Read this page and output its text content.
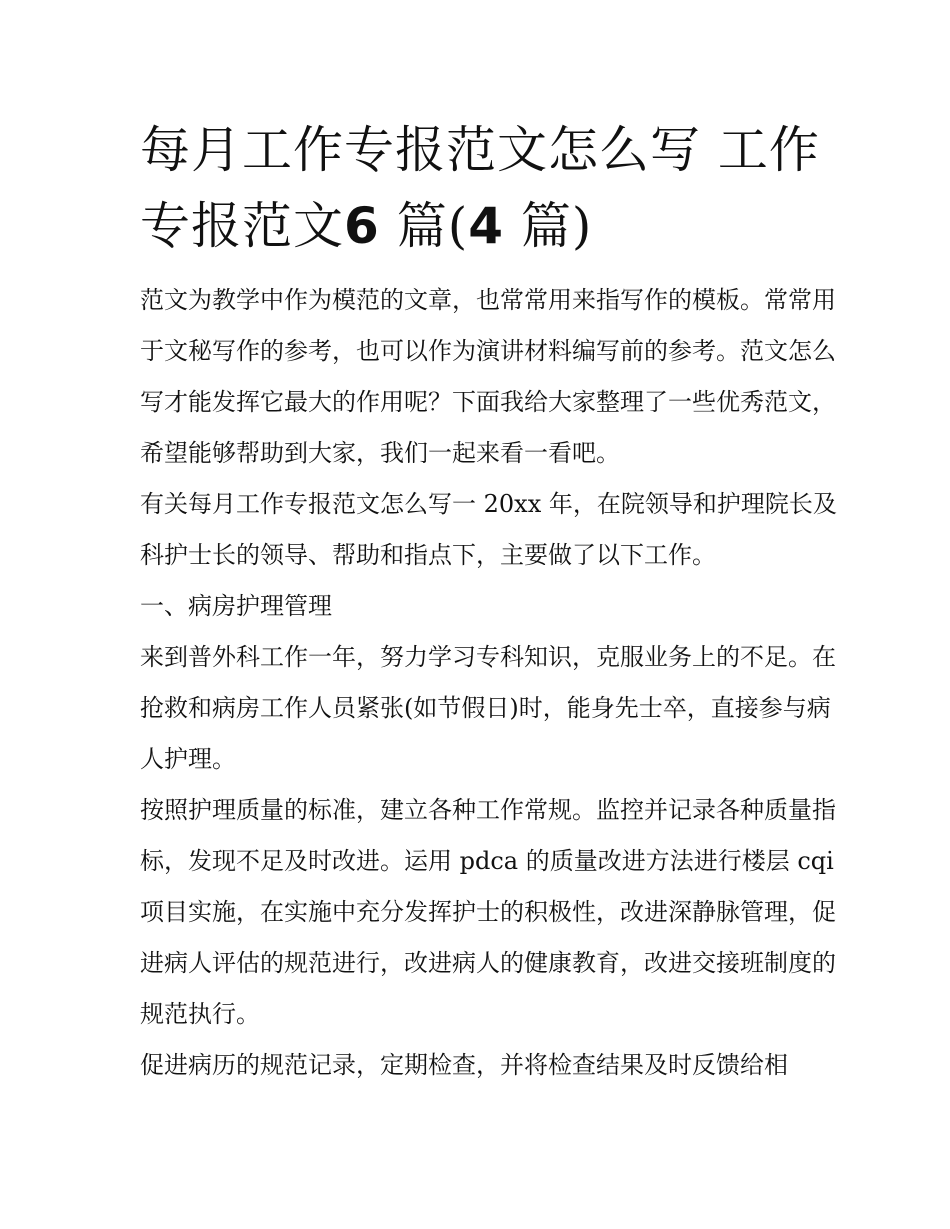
每月工作专报范文怎么写 工作
专报范文6 篇(4 篇)

范文为教学中作为模范的文章，也常常用来指写作的模板。常常用于文秘写作的参考，也可以作为演讲材料编写前的参考。范文怎么写才能发挥它最大的作用呢？下面我给大家整理了一些优秀范文，希望能够帮助到大家，我们一起来看一看吧。

有关每月工作专报范文怎么写一 20xx 年，在院领导和护理院长及科护士长的领导、帮助和指点下，主要做了以下工作。

一、病房护理管理

来到普外科工作一年，努力学习专科知识，克服业务上的不足。在抢救和病房工作人员紧张(如节假日)时，能身先士卒，直接参与病人护理。

按照护理质量的标准，建立各种工作常规。监控并记录各种质量指标，发现不足及时改进。运用 pdca 的质量改进方法进行楼层 cqi 项目实施，在实施中充分发挥护士的积极性，改进深静脉管理，促进病人评估的规范进行，改进病人的健康教育，改进交接班制度的规范执行。

促进病历的规范记录，定期检查，并将检查结果及时反馈给相
